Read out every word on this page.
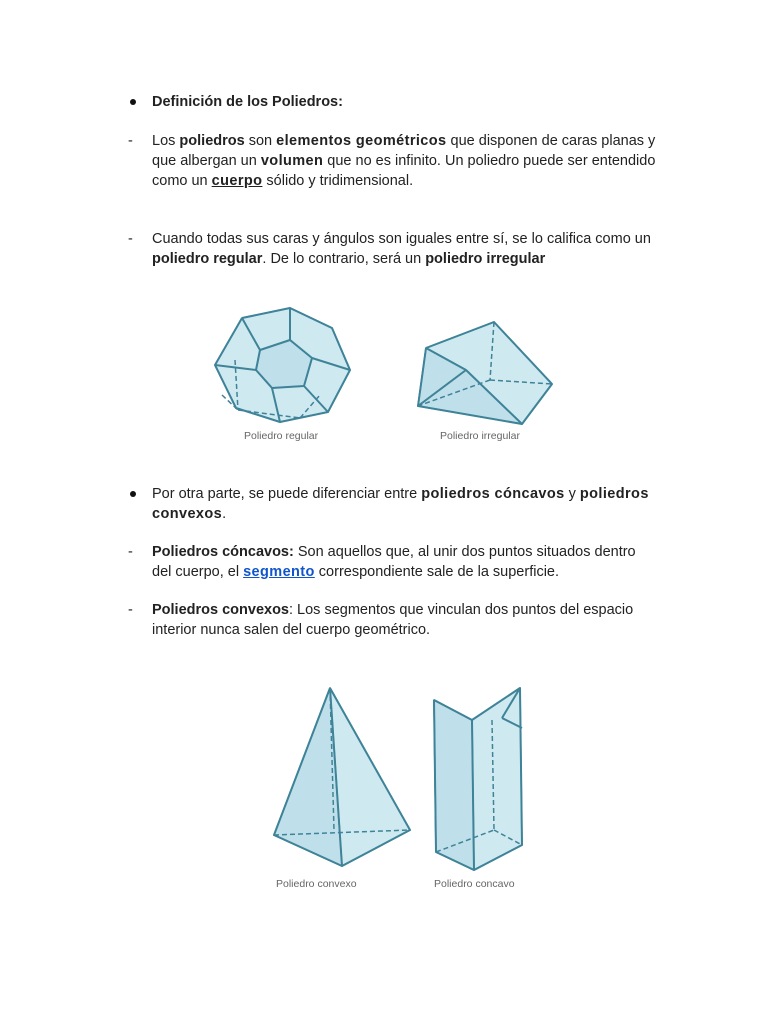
Definición de los Poliedros:
-	Los poliedros son elementos geométricos que disponen de caras planas y que albergan un volumen que no es infinito. Un poliedro puede ser entendido como un cuerpo sólido y tridimensional.
-	Cuando todas sus caras y ángulos son iguales entre sí, se lo califica como un poliedro regular. De lo contrario, será un poliedro irregular
Poliedro regular	Poliedro irregular
Por otra parte, se puede diferenciar entre poliedros cóncavos y poliedros convexos.
-	Poliedros cóncavos: Son aquellos que, al unir dos puntos situados dentro del cuerpo, el segmento correspondiente sale de la superficie.
-	Poliedros convexos: Los segmentos que vinculan dos puntos del espacio interior nunca salen del cuerpo geométrico.
Poliedro convexo	Poliedro concavo
